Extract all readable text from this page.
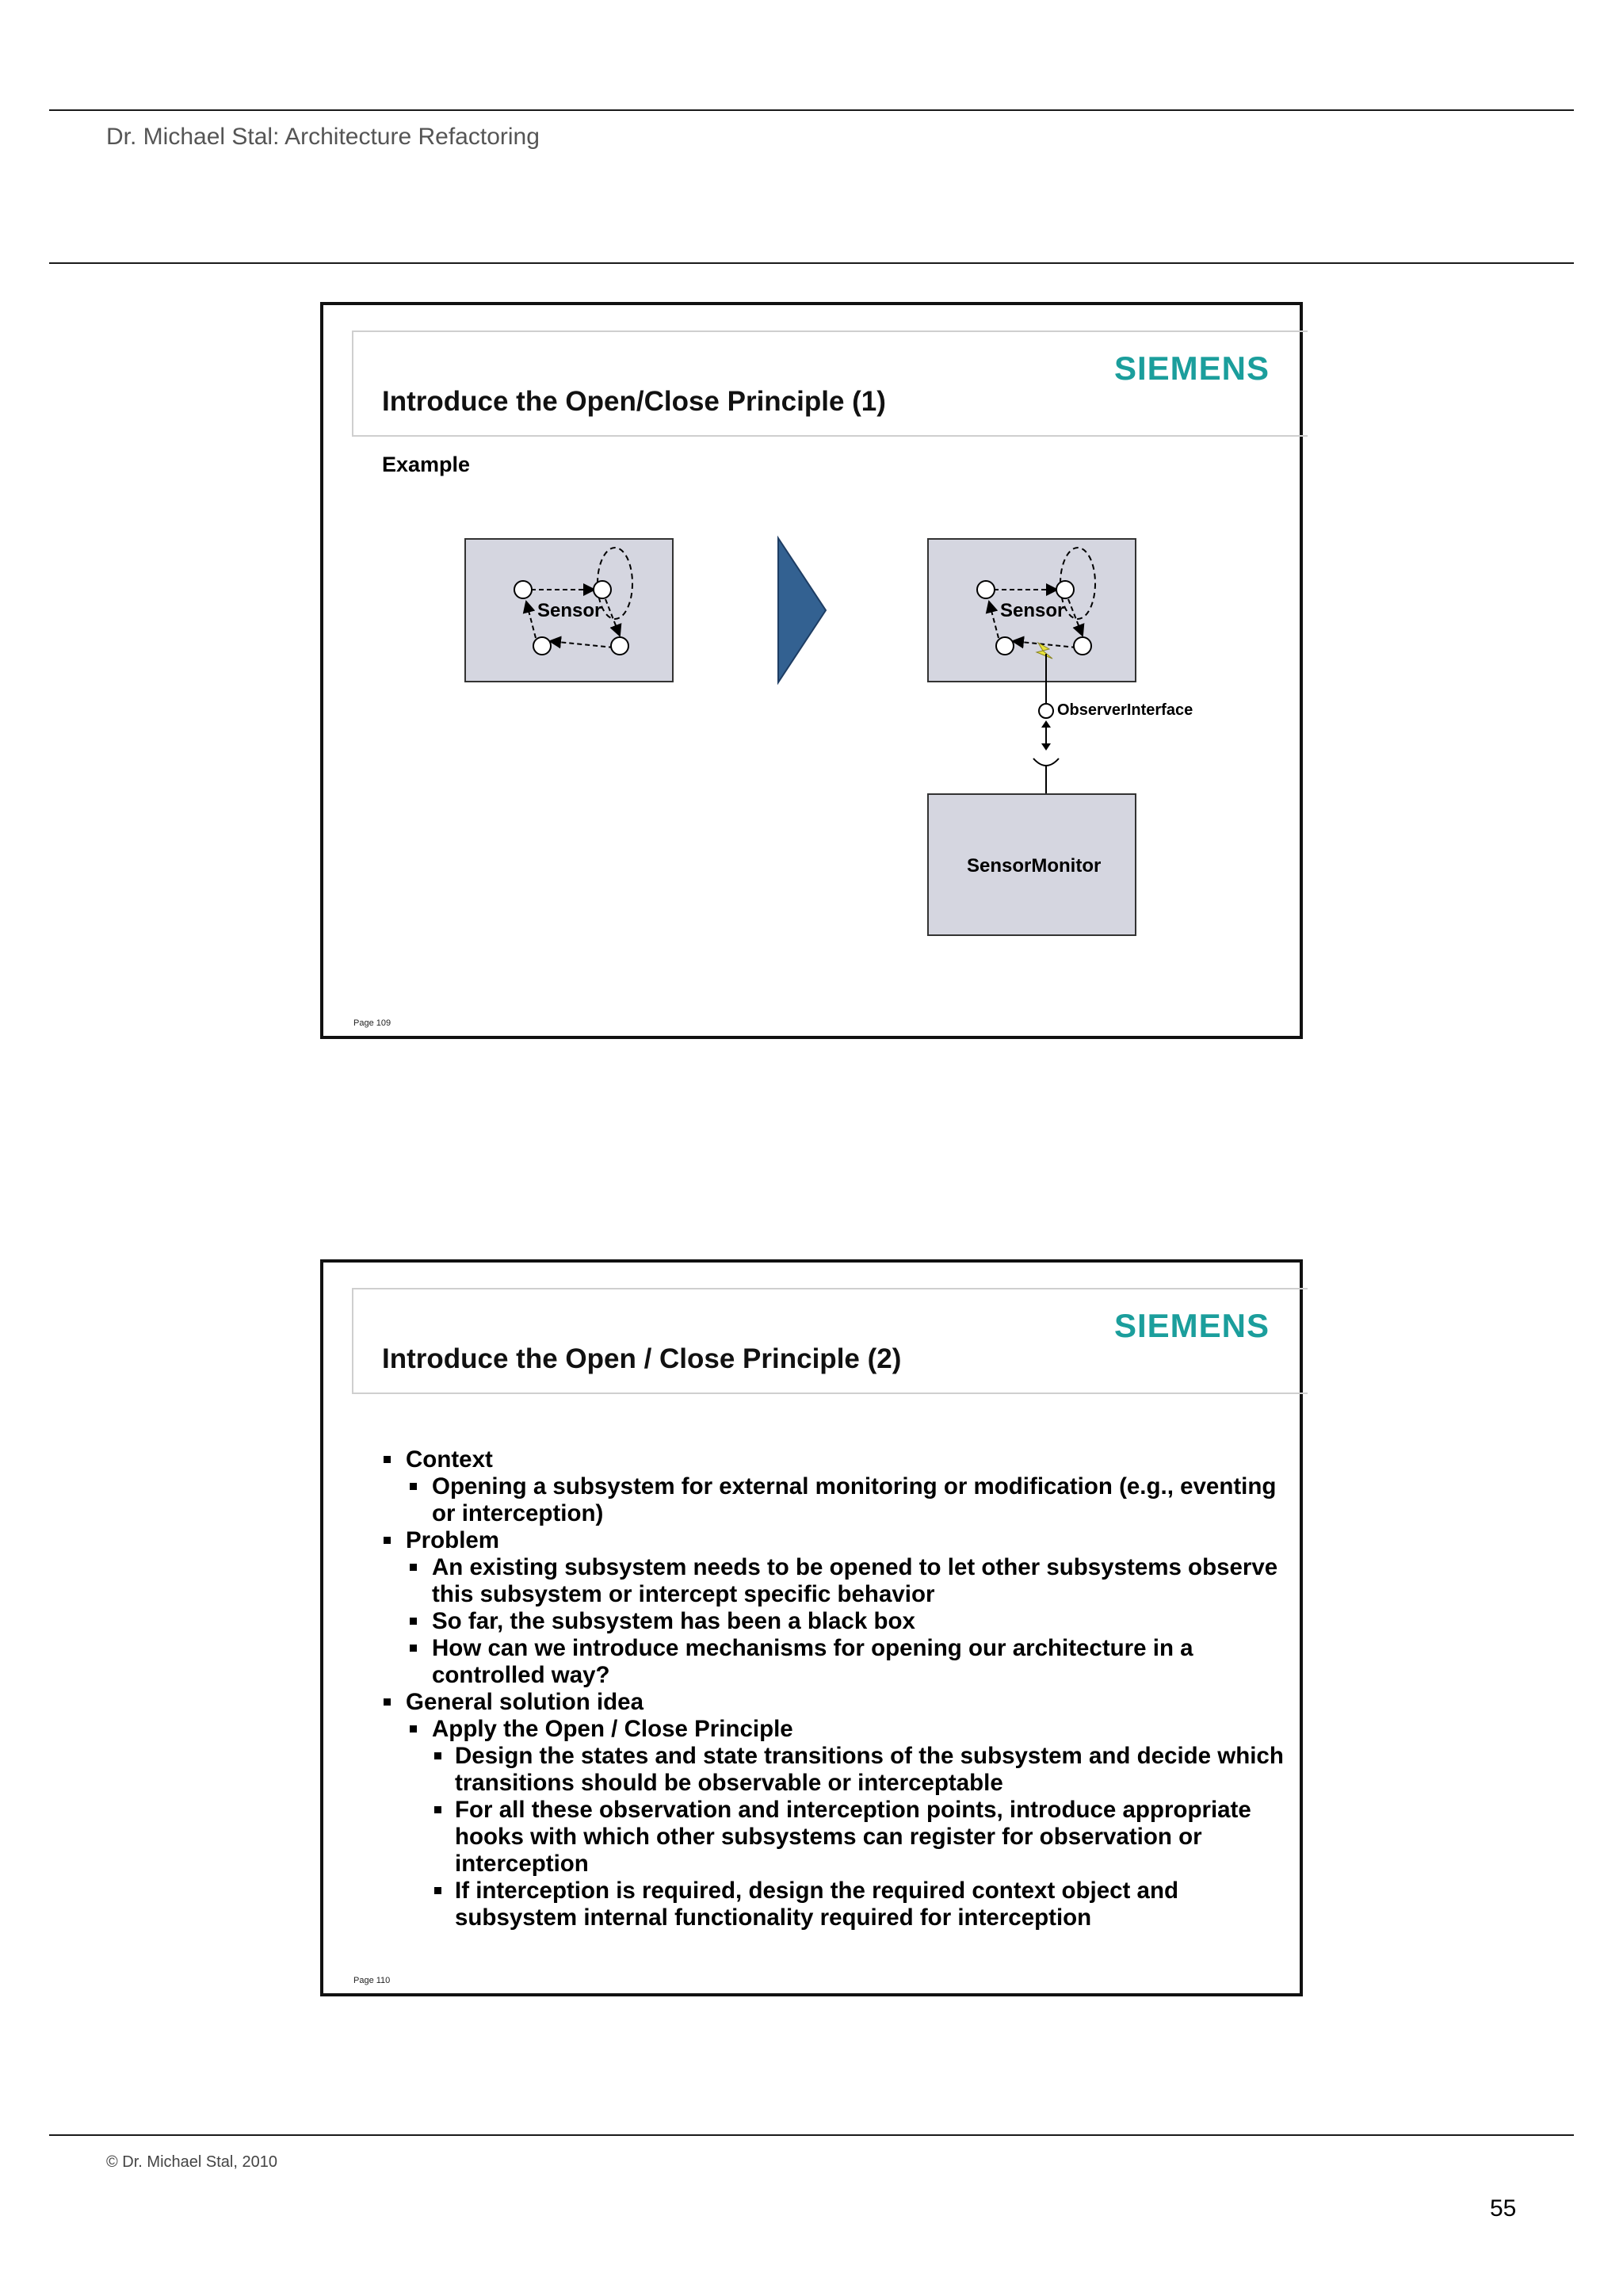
Dr. Michael Stal: Architecture Refactoring
SIEMENS
Introduce the Open/Close Principle (1)
Example
Sensor	Sensor
SensorMonitor
ObserverInterface
Page 109
SIEMENS
Introduce the Open / Close Principle (2)
Context
Opening a subsystem for external monitoring or modification (e.g., eventing or interception)
Problem
An existing subsystem needs to be opened to let other subsystems observe this subsystem or intercept specific behavior
So far, the subsystem has been a black box
How can we introduce mechanisms for opening our architecture in a controlled way?
General solution idea
Apply the Open / Close Principle
Design the states and state transitions of the subsystem and decide which transitions should be observable or interceptable
For all these observation and interception points, introduce appropriate hooks with which other subsystems can register for observation or interception
If interception is required, design the required context object and subsystem internal functionality required for interception
Page 110
© Dr. Michael Stal, 2010
55
